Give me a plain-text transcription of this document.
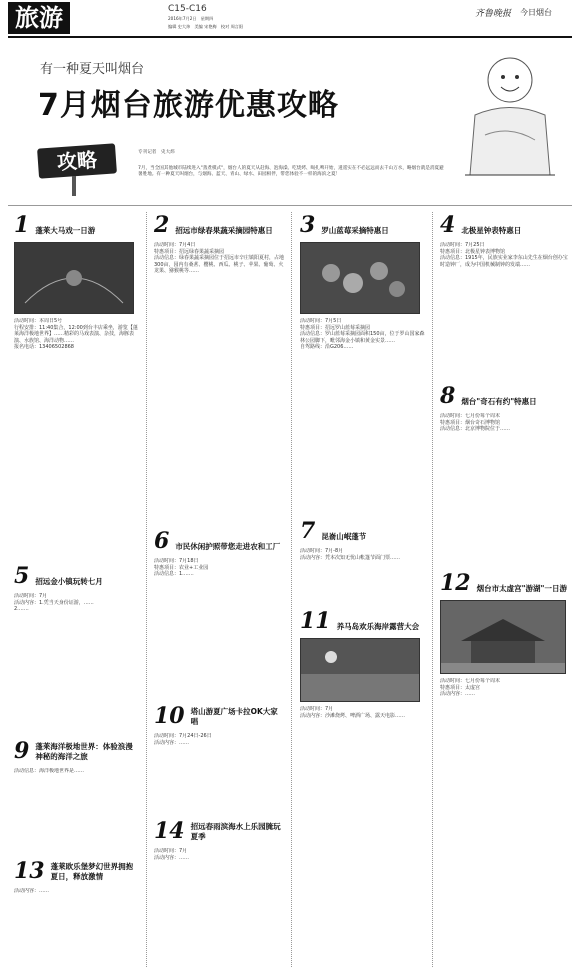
旅游	C15-C16
2016年7月2日　星期四
编辑 史大炜　美编 宋艳梅　校对 周言阳
齐鲁晚报 今日烟台
有一种夏天叫烟台
7月烟台旅游优惠攻略
攻略	专刊记者　史大炜
7月，当全国其他城市陆续进入"蒸煮模式"，烟台人的夏天从赶海、泡海澡、吃烧烤、喝扎啤开始，逍遥实在不必远远而去千山万水，略烟台就是消夏避暑胜地。有一种夏天叫烟台，与烟海、蓝天、青山、绿水、田园相伴，带您体验不一样的海滨之夏！
1 蓬莱大马戏一日游
活动时间：本周日5号
行程安排：11:40集合，12:00到台丰店乘坐，游览【蓬莱海洋极地世界】……精彩的马戏表演、杂技，海豚表演、水族馆、海洋动物……
报名电话：13406502868
5 招远金小镇玩转七月
活动时间：7月
活动内容：1.凭当天身份证游，……
2.……
9 蓬莱海洋极地世界：体验浪漫神秘的海洋之旅
活动信息：海洋极地世界是……
13 蓬莱欧乐堡梦幻世界拥抱夏日，释放激情
活动内容：……
2 招远市绿春果蔬采摘园特惠日
活动时间：7月4日
特惠项目：招远绿春果蔬采摘园
活动信息：绿春果蔬采摘园位于招远市辛庄镇阳夏村，占地300亩，园内有桑葚、樱桃、西瓜、桃子、苹果、葡萄、火龙果、猕猴桃等……
6 市民休闲护照带您走进农和工厂
活动时间：7月18日
特惠项目：农业+工业园
活动信息：1.……
10 塔山游夏广场卡拉OK大家唱
活动时间：7月24日-26日
活动内容：……
14 招远春雨滨海水上乐园腌玩夏季
活动时间：7月
活动内容：……
3 罗山蓝莓采摘特惠日
活动时间：7月5日
特惠项目：招远罗山蓝莓采摘园
活动信息：罗山蓝莓采摘园面积150亩，位于罗山国家森林公园脚下，毗邻海金小镇和黄金实景……
自驾路线：沿G206……
7 昆嵛山岷蓬节
活动时间：7月-8月
活动内容：凭本次知无忧山帐篷节面门票……
11 养马岛欢乐海岸露营大会
活动时间：7月
活动内容：沙滩烧烤、啤酒广场、露天电影……
4 北极星钟表特惠日
活动时间：7月25日
特惠项目：北极星钟表博物馆
活动信息：1915年，民族实业家李东山先生在烟台创办宝时造钟厂，成为中国机械制钟的发端……
8 烟台"奇石有约"特惠日
活动时间：七月份每个周末
特惠项目：烟台奇石博物馆
活动信息：北京博物院位于……
12 烟台市太虚宫"游湖"一日游
活动时间：七月份每个周末
特惠项目：太虚宫
活动内容：……
